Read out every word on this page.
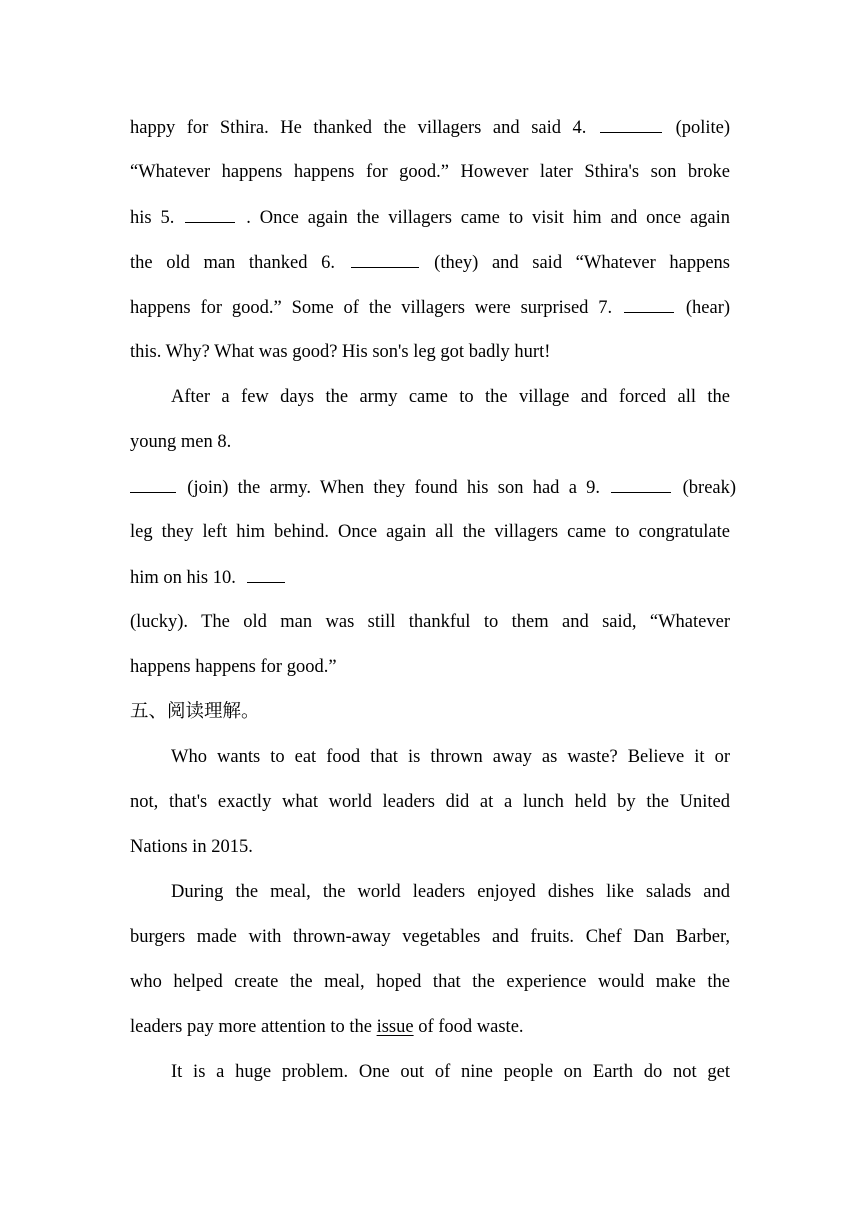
happy for Sthira. He thanked the villagers and said 4.	(polite)
“Whatever happens happens for good.” However later Sthira's son broke
his 5.	. Once again the villagers came to visit him and once again
the old man thanked 6.	(they) and said “Whatever happens
happens for good.” Some of the villagers were surprised 7.	(hear)
this. Why? What was good? His son's leg got badly hurt!
After a few days the army came to the village and forced all the
young men 8.
(join) the army. When they found his son had a 9.	(break)
leg they left him behind. Once again all the villagers came to congratulate
him on his 10.
(lucky). The old man was still thankful to them and said, “Whatever
happens happens for good.”
五、阅读理解。
Who wants to eat food that is thrown away as waste? Believe it or
not, that's exactly what world leaders did at a lunch held by the United
Nations in 2015.
During the meal, the world leaders enjoyed dishes like salads and
burgers made with thrown-away vegetables and fruits. Chef Dan Barber,
who helped create the meal, hoped that the experience would make the
leaders pay more attention to the issue of food waste.
It is a huge problem. One out of nine people on Earth do not get
